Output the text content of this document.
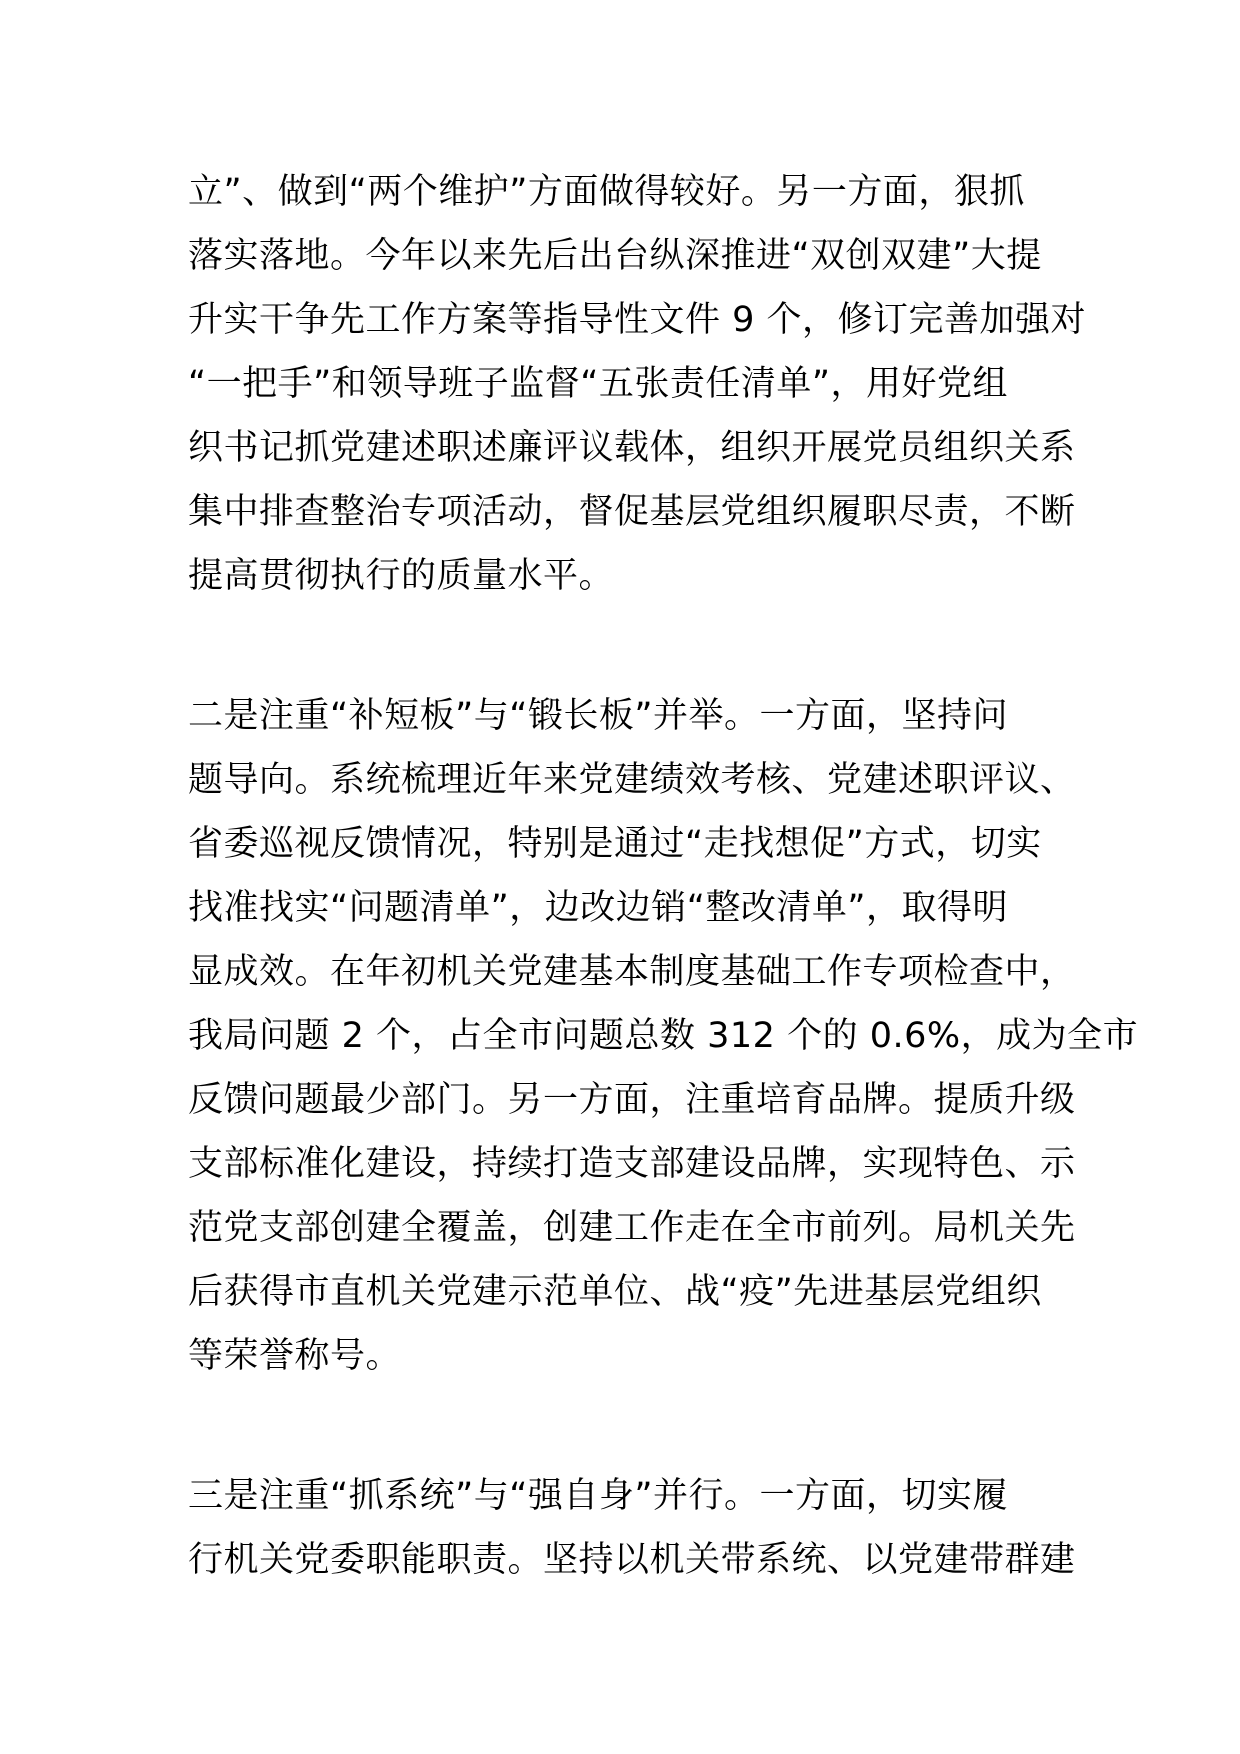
立”、做到“两个维护”方面做得较好。另一方面，狠抓
落实落地。今年以来先后出台纵深推进“双创双建”大提
升实干争先工作方案等指导性文件 9 个，修订完善加强对
“一把手”和领导班子监督“五张责任清单”，用好党组
织书记抓党建述职述廉评议载体，组织开展党员组织关系
集中排查整治专项活动，督促基层党组织履职尽责，不断
提高贯彻执行的质量水平。
二是注重“补短板”与“锻长板”并举。一方面，坚持问
题导向。系统梳理近年来党建绩效考核、党建述职评议、
省委巡视反馈情况，特别是通过“走找想促”方式，切实
找准找实“问题清单”，边改边销“整改清单”，取得明
显成效。在年初机关党建基本制度基础工作专项检查中，
我局问题 2 个，占全市问题总数 312 个的 0.6%，成为全市
反馈问题最少部门。另一方面，注重培育品牌。提质升级
支部标准化建设，持续打造支部建设品牌，实现特色、示
范党支部创建全覆盖，创建工作走在全市前列。局机关先
后获得市直机关党建示范单位、战“疫”先进基层党组织
等荣誉称号。
三是注重“抓系统”与“强自身”并行。一方面，切实履
行机关党委职能职责。坚持以机关带系统、以党建带群建
